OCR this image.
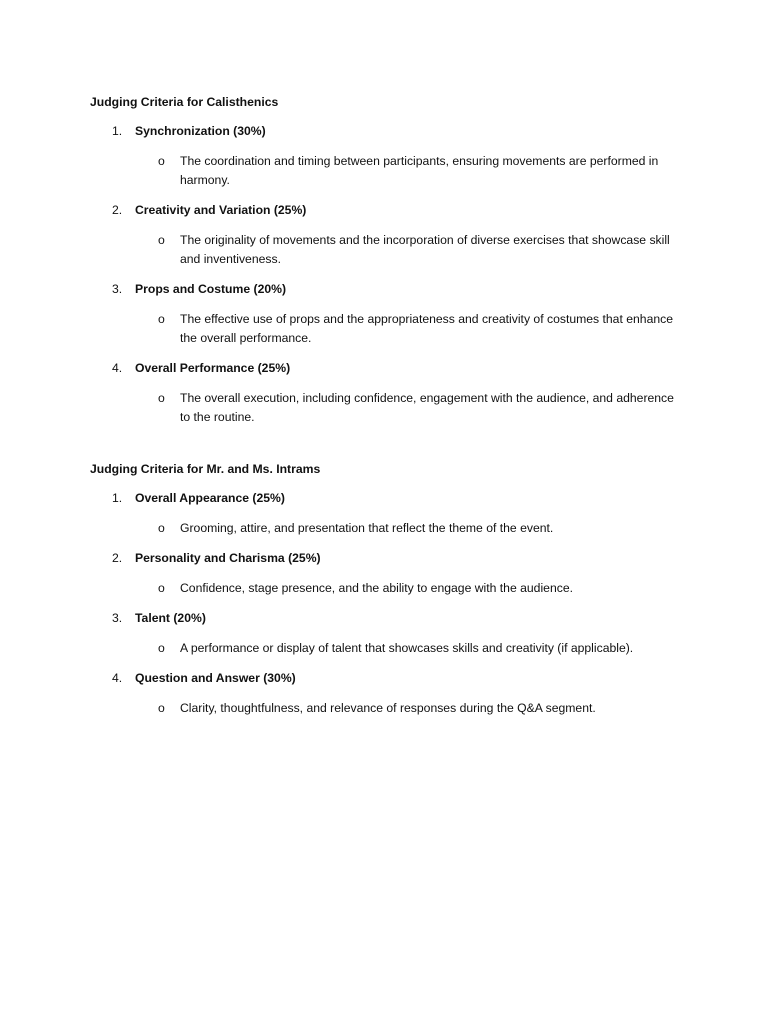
Judging Criteria for Calisthenics
1. Synchronization (30%)
o The coordination and timing between participants, ensuring movements are performed in harmony.
2. Creativity and Variation (25%)
o The originality of movements and the incorporation of diverse exercises that showcase skill and inventiveness.
3. Props and Costume (20%)
o The effective use of props and the appropriateness and creativity of costumes that enhance the overall performance.
4. Overall Performance (25%)
o The overall execution, including confidence, engagement with the audience, and adherence to the routine.
Judging Criteria for Mr. and Ms. Intrams
1. Overall Appearance (25%)
o Grooming, attire, and presentation that reflect the theme of the event.
2. Personality and Charisma (25%)
o Confidence, stage presence, and the ability to engage with the audience.
3. Talent (20%)
o A performance or display of talent that showcases skills and creativity (if applicable).
4. Question and Answer (30%)
o Clarity, thoughtfulness, and relevance of responses during the Q&A segment.
